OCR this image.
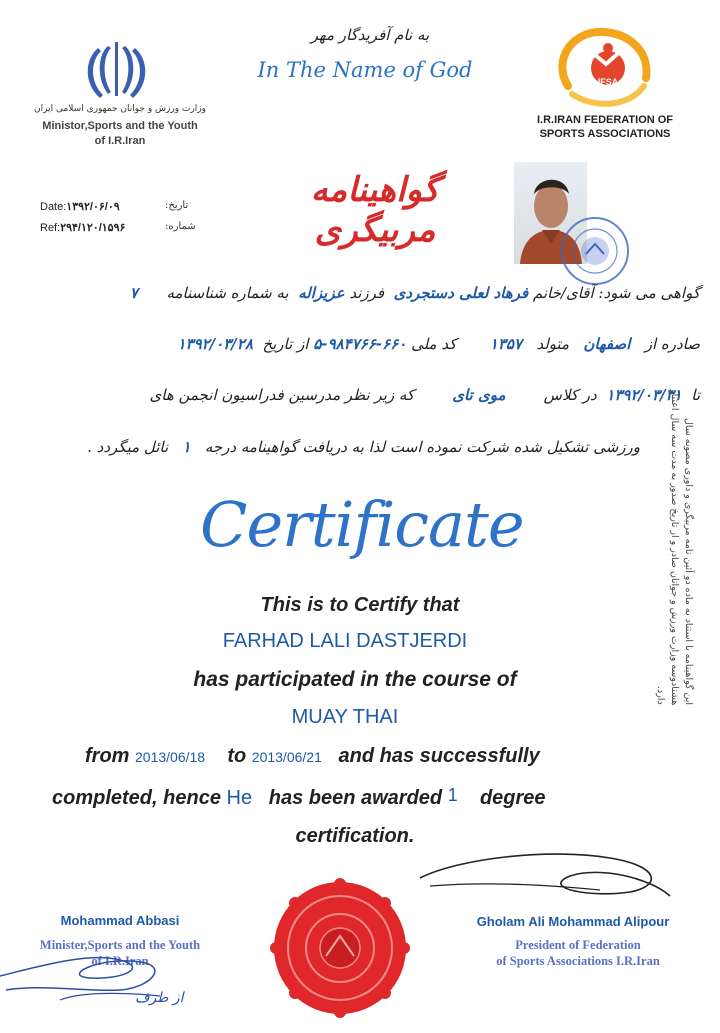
وزارت ورزش و جوانان جمهوری اسلامی ایران
Ministor,Sports and the Youth
of I.R.Iran
به نام آفریدگار مهر
In The Name of God	IFSA
I.R.IRAN FEDERATION OF
SPORTS ASSOCIATIONS
Date:۱۳۹۲/۰۶/۰۹	تاریخ:
Ref:۲۹۴/۱۲۰/۱۵۹۶	شماره:
گواهینامه مربیگری
گواهی می شود: آقای/خانم فرهاد لعلی دستجردی  فرزند عزیزاله  به شماره شناسنامه      ۷
صادره از   اصفهان   متولد   ۱۳۵۷       کد ملی ۶۶۰-۹۸۴۷۶۶-۵ از تاریخ  ۱۳۹۲/۰۳/۲۸
تا  ۱۳۹۲/۰۳/۳۱  در کلاس        موی تای        که زیر نظر مدرسین فدراسیون انجمن های
ورزشی تشکیل شده شرکت نموده است لذا به دریافت گواهینامه درجه   ۱   نائل میگردد .	این گواهینامه با استناد به ماده دو آئین نامه مربیگری و داوری مصوبه سال هشتادوسه وزارت ورزش و جوانان صادر و از تاریخ صدور به مدت سه سال اعتبار دارد.
Certificate
This is to Certify that
FARHAD LALI DASTJERDI
has participated in the course of
MUAY THAI
from 2013/06/18 to 2013/06/21 and has successfully
completed, hence He has been awarded 1 degree
certification.
Gholam Ali Mohammad Alipour
President of Federation
of Sports Associations I.R.Iran
Mohammad Abbasi
Minister,Sports and the Youth
of I.R.Iran
از طرف
